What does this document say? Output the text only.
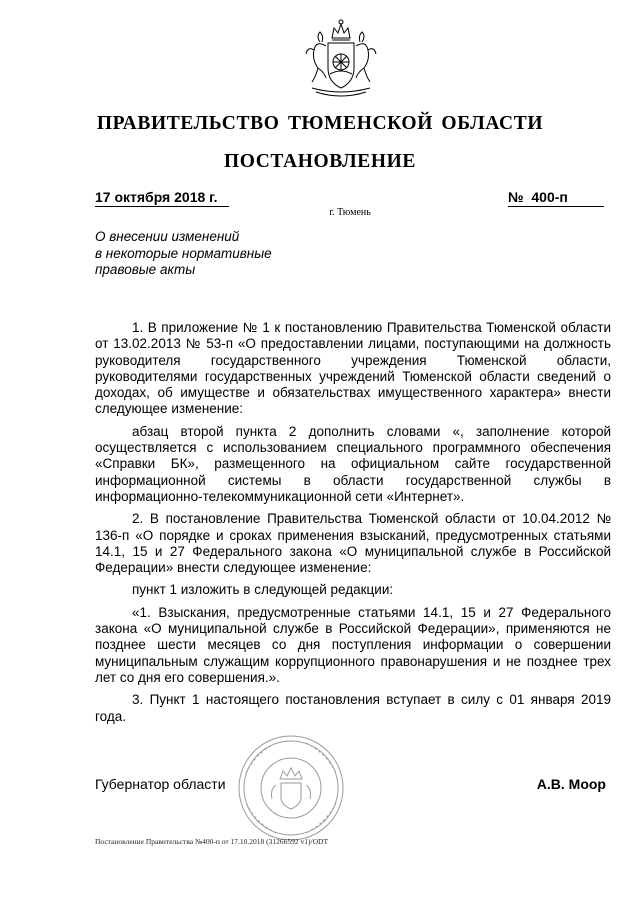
ПРАВИТЕЛЬСТВО ТЮМЕНСКОЙ ОБЛАСТИ
ПОСТАНОВЛЕНИЕ
17 октября 2018 г.	№  400-п
г. Тюмень
О внесении изменений
в некоторые нормативные
правовые акты

1. В приложение № 1 к постановлению Правительства Тюменской области от 13.02.2013 № 53-п «О предоставлении лицами, поступающими на должность руководителя государственного учреждения Тюменской области, руководителями государственных учреждений Тюменской области сведений о доходах, об имуществе и обязательствах имущественного характера» внести следующее изменение:

абзац второй пункта 2 дополнить словами «, заполнение которой осуществляется с использованием специального программного обеспечения «Справки БК», размещенного на официальном сайте государственной информационной системы в области государственной службы в информационно-телекоммуникационной сети «Интернет».

2. В постановление Правительства Тюменской области от 10.04.2012 № 136-п «О порядке и сроках применения взысканий, предусмотренных статьями 14.1, 15 и 27 Федерального закона «О муниципальной службе в Российской Федерации» внести следующее изменение:

пункт 1 изложить в следующей редакции:

«1. Взыскания, предусмотренные статьями 14.1, 15 и 27 Федерального закона «О муниципальной службе в Российской Федерации», применяются не позднее шести месяцев со дня поступления информации о совершении муниципальным служащим коррупционного правонарушения и не позднее трех лет со дня его совершения.».

3. Пункт 1 настоящего постановления вступает в силу с 01 января 2019 года.

Губернатор области	А.В. Моор
Постановление Правительства №400-п от 17.10.2018 (31266592 v1)/ODT
